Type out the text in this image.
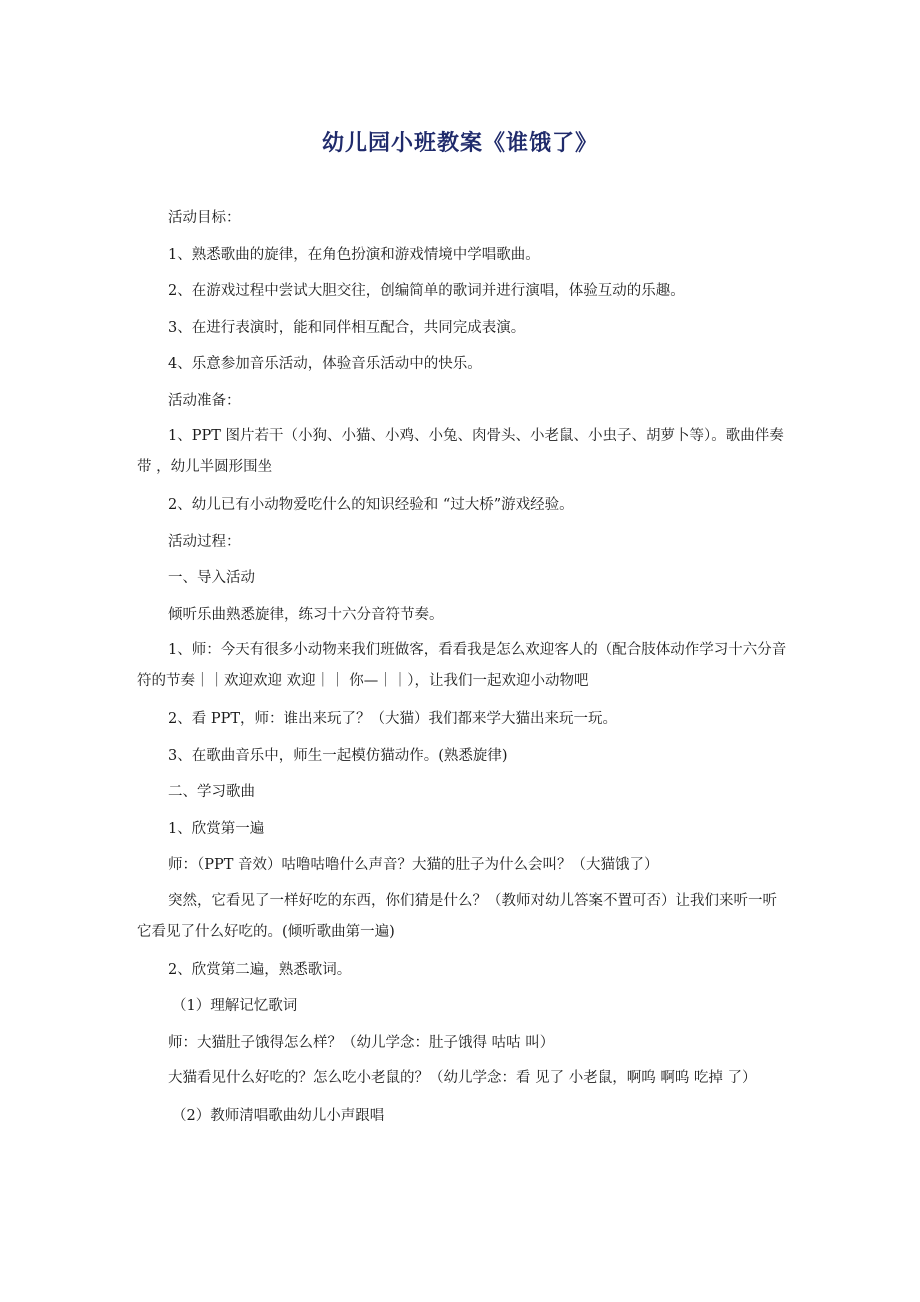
幼儿园小班教案《谁饿了》

活动目标：

1、熟悉歌曲的旋律，在角色扮演和游戏情境中学唱歌曲。

2、在游戏过程中尝试大胆交往，创编简单的歌词并进行演唱，体验互动的乐趣。

3、在进行表演时，能和同伴相互配合，共同完成表演。

4、乐意参加音乐活动，体验音乐活动中的快乐。

活动准备：

1、PPT 图片若干（小狗、小猫、小鸡、小兔、肉骨头、小老鼠、小虫子、胡萝卜等）。歌曲伴奏带 ，幼儿半圆形围坐

2、幼儿已有小动物爱吃什么的知识经验和 “过大桥”游戏经验。

活动过程：

一、导入活动

倾听乐曲熟悉旋律，练习十六分音符节奏。

1、师：今天有很多小动物来我们班做客，看看我是怎么欢迎客人的（配合肢体动作学习十六分音符的节奏｜｜欢迎欢迎 欢迎｜｜ 你—｜｜），让我们一起欢迎小动物吧

2、看 PPT，师：谁出来玩了？（大猫）我们都来学大猫出来玩一玩。

3、在歌曲音乐中，师生一起模仿猫动作。(熟悉旋律)

二、学习歌曲

1、欣赏第一遍

师：（PPT 音效）咕噜咕噜什么声音？大猫的肚子为什么会叫？（大猫饿了）

突然，它看见了一样好吃的东西，你们猜是什么？（教师对幼儿答案不置可否）让我们来听一听它看见了什么好吃的。(倾听歌曲第一遍)

2、欣赏第二遍，熟悉歌词。

（1）理解记忆歌词

师：大猫肚子饿得怎么样？（幼儿学念：肚子饿得 咕咕 叫）

大猫看见什么好吃的？怎么吃小老鼠的？（幼儿学念：看 见了 小老鼠，啊呜 啊呜 吃掉 了）

（2）教师清唱歌曲幼儿小声跟唱
